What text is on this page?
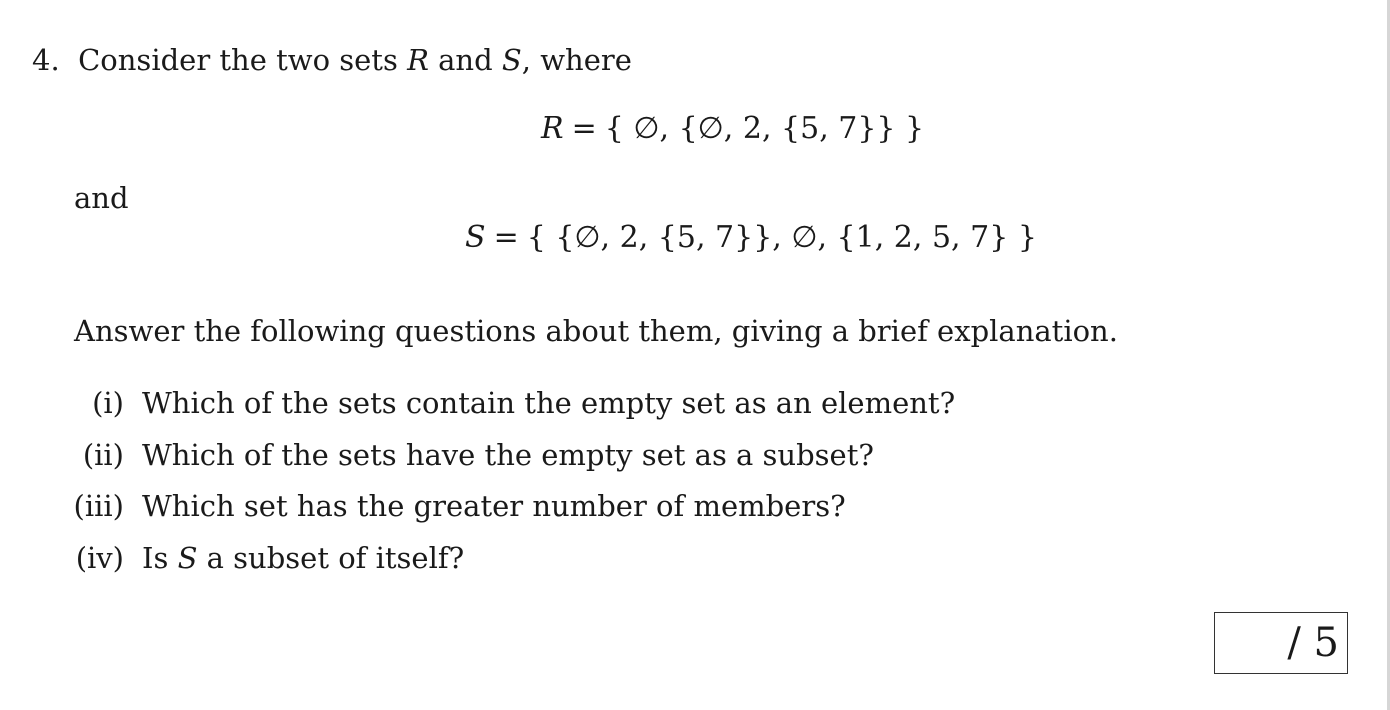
4. Consider the two sets R and S, where
R = { ∅, {∅, 2, {5, 7}} }
and
S = { {∅, 2, {5, 7}}, ∅, {1, 2, 5, 7} }
Answer the following questions about them, giving a brief explanation.
(i) Which of the sets contain the empty set as an element?
(ii) Which of the sets have the empty set as a subset?
(iii) Which set has the greater number of members?
(iv) Is S a subset of itself?
/ 5
